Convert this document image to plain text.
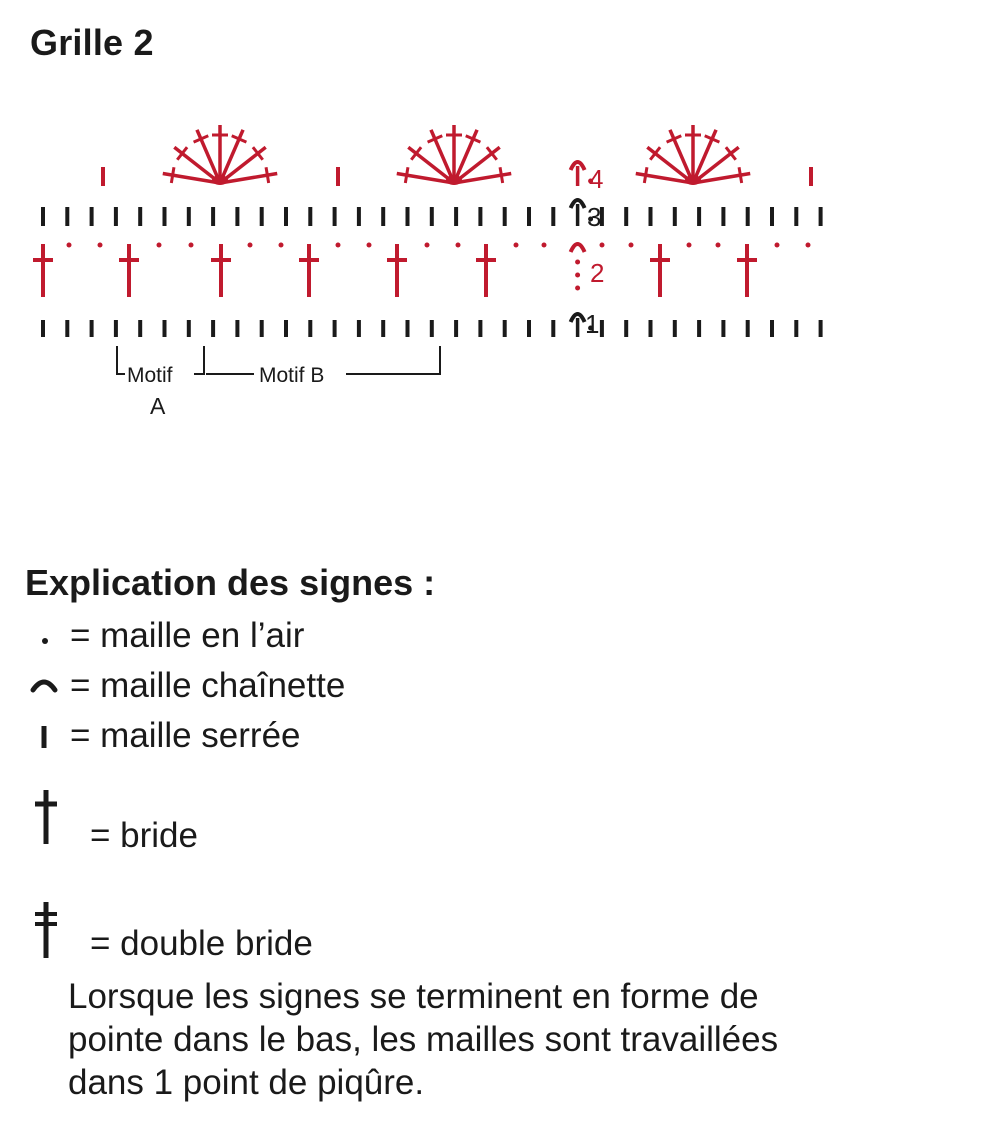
Grille 2
1
2
3
4
Motif
A
Motif B
Explication des signes :
= maille en l’air
= maille chaînette
= maille serrée
= bride
= double bride
Lorsque les signes se terminent en forme de
pointe dans le bas, les mailles sont travaillées
dans 1 point de piqûre.
